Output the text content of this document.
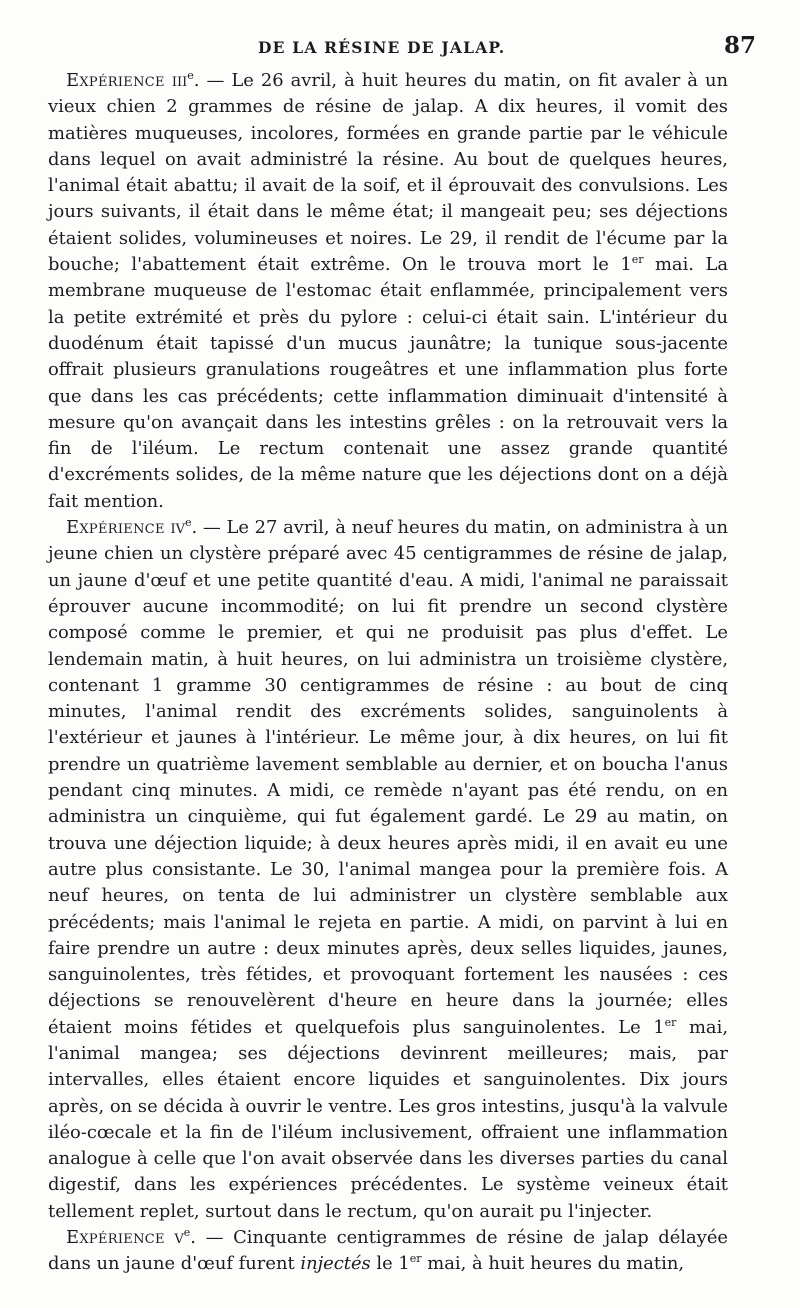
DE LA RÉSINE DE JALAP.	87

Expérience iii$^e$. — Le 26 avril, à huit heures du matin, on fit avaler à un vieux chien 2 grammes de résine de jalap. A dix heures, il vomit des matières muqueuses, incolores, formées en grande partie par le véhicule dans lequel on avait administré la résine. Au bout de quelques heures, l'animal était abattu; il avait de la soif, et il éprouvait des convulsions. Les jours suivants, il était dans le même état; il mangeait peu; ses déjections étaient solides, volumineuses et noires. Le 29, il rendit de l'écume par la bouche; l'abattement était extrême. On le trouva mort le 1er mai. La membrane muqueuse de l'estomac était enflammée, principalement vers la petite extrémité et près du pylore : celui-ci était sain. L'intérieur du duodénum était tapissé d'un mucus jaunâtre; la tunique sous-jacente offrait plusieurs granulations rougeâtres et une inflammation plus forte que dans les cas précédents; cette inflammation diminuait d'intensité à mesure qu'on avançait dans les intestins grêles : on la retrouvait vers la fin de l'iléum. Le rectum contenait une assez grande quantité d'excréments solides, de la même nature que les déjections dont on a déjà fait mention.

Expérience $iv^e$. — Le 27 avril, à neuf heures du matin, on administra à un jeune chien un clystère préparé avec 45 centigrammes de résine de jalap, un jaune d'œuf et une petite quantité d'eau. A midi, l'animal ne paraissait éprouver aucune incommodité; on lui fit prendre un second clystère composé comme le premier, et qui ne produisit pas plus d'effet. Le lendemain matin, à huit heures, on lui administra un troisième clystère, contenant 1 gramme 30 centigrammes de résine : au bout de cinq minutes, l'animal rendit des excréments solides, sanguinolents à l'extérieur et jaunes à l'intérieur. Le même jour, à dix heures, on lui fit prendre un quatrième lavement semblable au dernier, et on boucha l'anus pendant cinq minutes. A midi, ce remède n'ayant pas été rendu, on en administra un cinquième, qui fut également gardé. Le 29 au matin, on trouva une déjection liquide; à deux heures après midi, il en avait eu une autre plus consistante. Le 30, l'animal mangea pour la première fois. A neuf heures, on tenta de lui administrer un clystère semblable aux précédents; mais l'animal le rejeta en partie. A midi, on parvint à lui en faire prendre un autre : deux minutes après, deux selles liquides, jaunes, sanguinolentes, très fétides, et provoquant fortement les nausées : ces déjections se renouvelèrent d'heure en heure dans la journée; elles étaient moins fétides et quelquefois plus sanguinolentes. Le 1er mai, l'animal mangea; ses déjections devinrent meilleures; mais, par intervalles, elles étaient encore liquides et sanguinolentes. Dix jours après, on se décida à ouvrir le ventre. Les gros intestins, jusqu'à la valvule iléo-cœcale et la fin de l'iléum inclusivement, offraient une inflammation analogue à celle que l'on avait observée dans les diverses parties du canal digestif, dans les expériences précédentes. Le système veineux était tellement replet, surtout dans le rectum, qu'on aurait pu l'injecter.

Expérience $v^e$. — Cinquante centigrammes de résine de jalap délayée dans un jaune d'œuf furent injectés le 1er mai, à huit heures du matin,
